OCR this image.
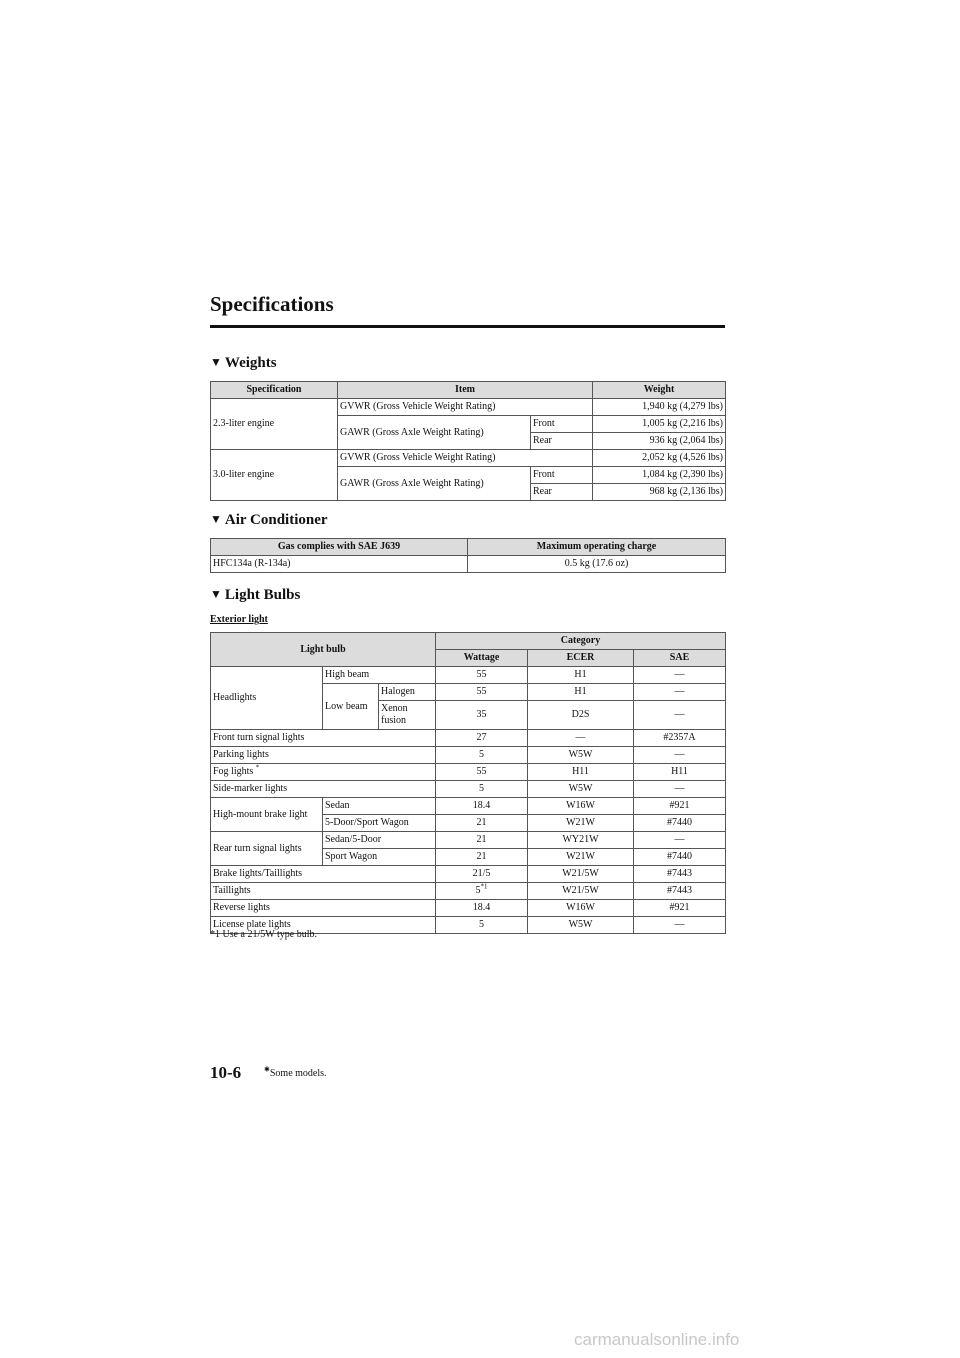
Specifications
▼ Weights
Specification	Item		Weight
2.3-liter engine	GVWR (Gross Vehicle Weight Rating)		1,940 kg (4,279 lbs)
	GAWR (Gross Axle Weight Rating)	Front	1,005 kg (2,216 lbs)
		Rear	936 kg (2,064 lbs)
3.0-liter engine	GVWR (Gross Vehicle Weight Rating)		2,052 kg (4,526 lbs)
	GAWR (Gross Axle Weight Rating)	Front	1,084 kg (2,390 lbs)
		Rear	968 kg (2,136 lbs)
▼ Air Conditioner
Gas complies with SAE J639	Maximum operating charge
HFC134a (R-134a)	0.5 kg (17.6 oz)
▼ Light Bulbs
Exterior light
Light bulb			Category		
			Wattage	ECER	SAE
Headlights	High beam		55	H1	—
	Low beam	Halogen	55	H1	—
		Xenon fusion	35	D2S	—
Front turn signal lights			27	—	#2357A
Parking lights			5	W5W	—
Fog lights *			55	H11	H11
Side-marker lights			5	W5W	—
High-mount brake light	Sedan		18.4	W16W	#921
	5-Door/Sport Wagon		21	W21W	#7440
Rear turn signal lights	Sedan/5-Door		21	WY21W	—
	Sport Wagon		21	W21W	#7440
Brake lights/Taillights			21/5	W21/5W	#7443
Taillights			5$^{*1}$	W21/5W	#7443
Reverse lights			18.4	W16W	#921
License plate lights			5	W5W	—
*1 Use a 21/5W type bulb.
10-6	✱Some models.
carmanualsonline.info
